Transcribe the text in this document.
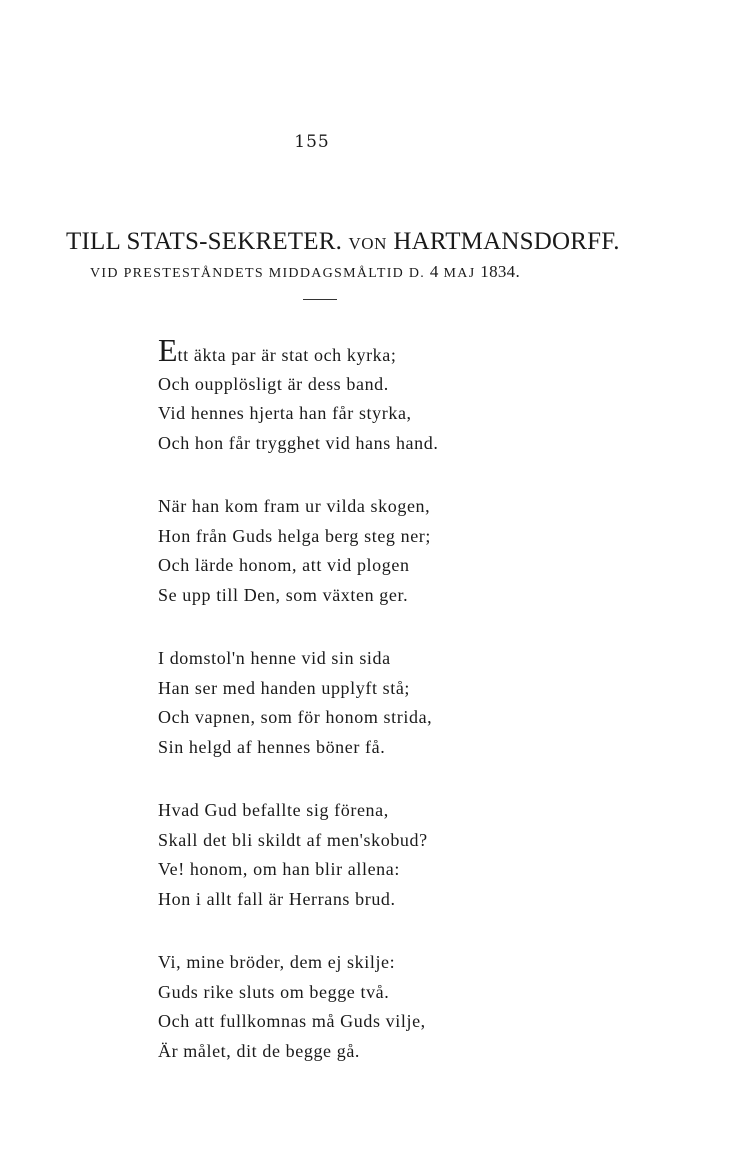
155
TILL STATS-SEKRETER. VON HARTMANSDORFF.
VID PRESTESTÅNDETS MIDDAGSMÅLTID D. 4 MAJ 1834.
Ett äkta par är stat och kyrka;
Och oupplösligt är dess band.
Vid hennes hjerta han får styrka,
Och hon får trygghet vid hans hand.
När han kom fram ur vilda skogen,
Hon från Guds helga berg steg ner;
Och lärde honom, att vid plogen
Se upp till Den, som växten ger.
I domstol'n henne vid sin sida
Han ser med handen upplyft stå;
Och vapnen, som för honom strida,
Sin helgd af hennes böner få.
Hvad Gud befallte sig förena,
Skall det bli skildt af men'skobud?
Ve! honom, om han blir allena:
Hon i allt fall är Herrans brud.
Vi, mine bröder, dem ej skilje:
Guds rike sluts om begge två.
Och att fullkomnas må Guds vilje,
Är målet, dit de begge gå.
